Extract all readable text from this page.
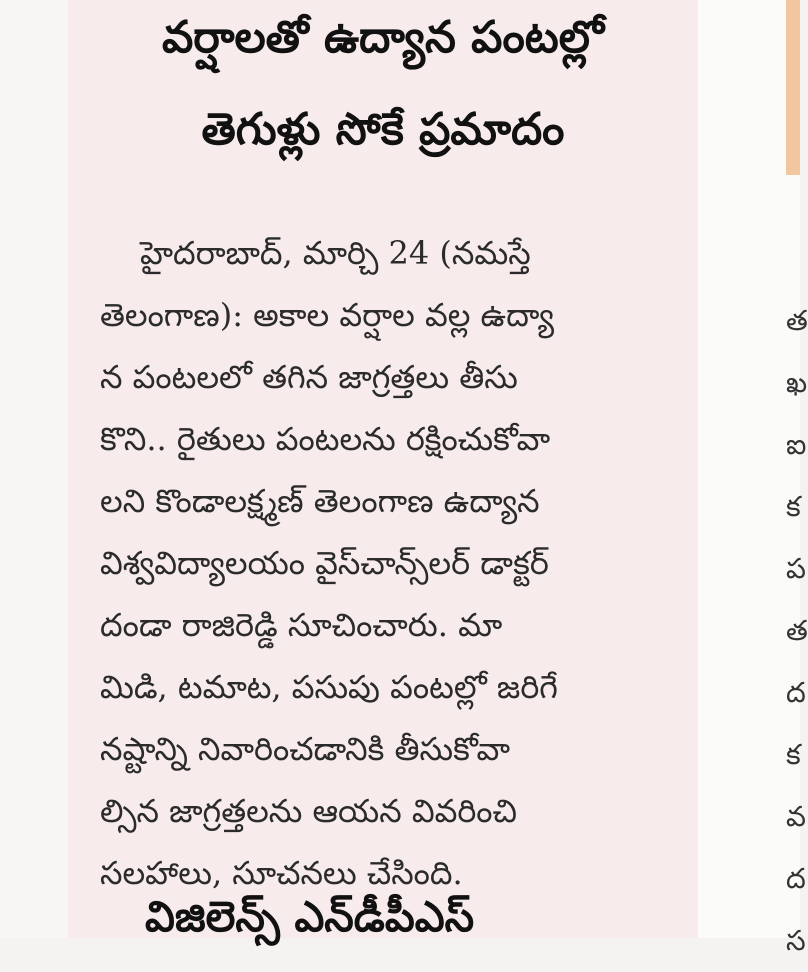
వర్షాలతో ఉద్యాన పంటల్లో
తెగుళ్లు సోకే ప్రమాదం
హైదరాబాద్, మార్చి 24 (నమస్తే
తెలంగాణ): అకాల వర్షాల వల్ల ఉద్యా
న పంటలలో తగిన జాగ్రత్తలు తీసు
కొని.. రైతులు పంటలను రక్షించుకోవా
లని కొండాలక్ష్మణ్ తెలంగాణ ఉద్యాన
విశ్వవిద్యాలయం వైస్‌చాన్స్‌లర్ డాక్టర్
దండా రాజిరెడ్డి సూచించారు. మా
మిడి, టమాట, పసుపు పంటల్లో జరిగే
నష్టాన్ని నివారించడానికి తీసుకోవా
ల్సిన జాగ్రత్తలను ఆయన వివరించి
సలహాలు, సూచనలు చేసింది.
విజిలెన్స్ ఎన్‌డీపీఎస్
త
ఖ
ఐ
క
ప
త
ద
క
వ
ద
స
